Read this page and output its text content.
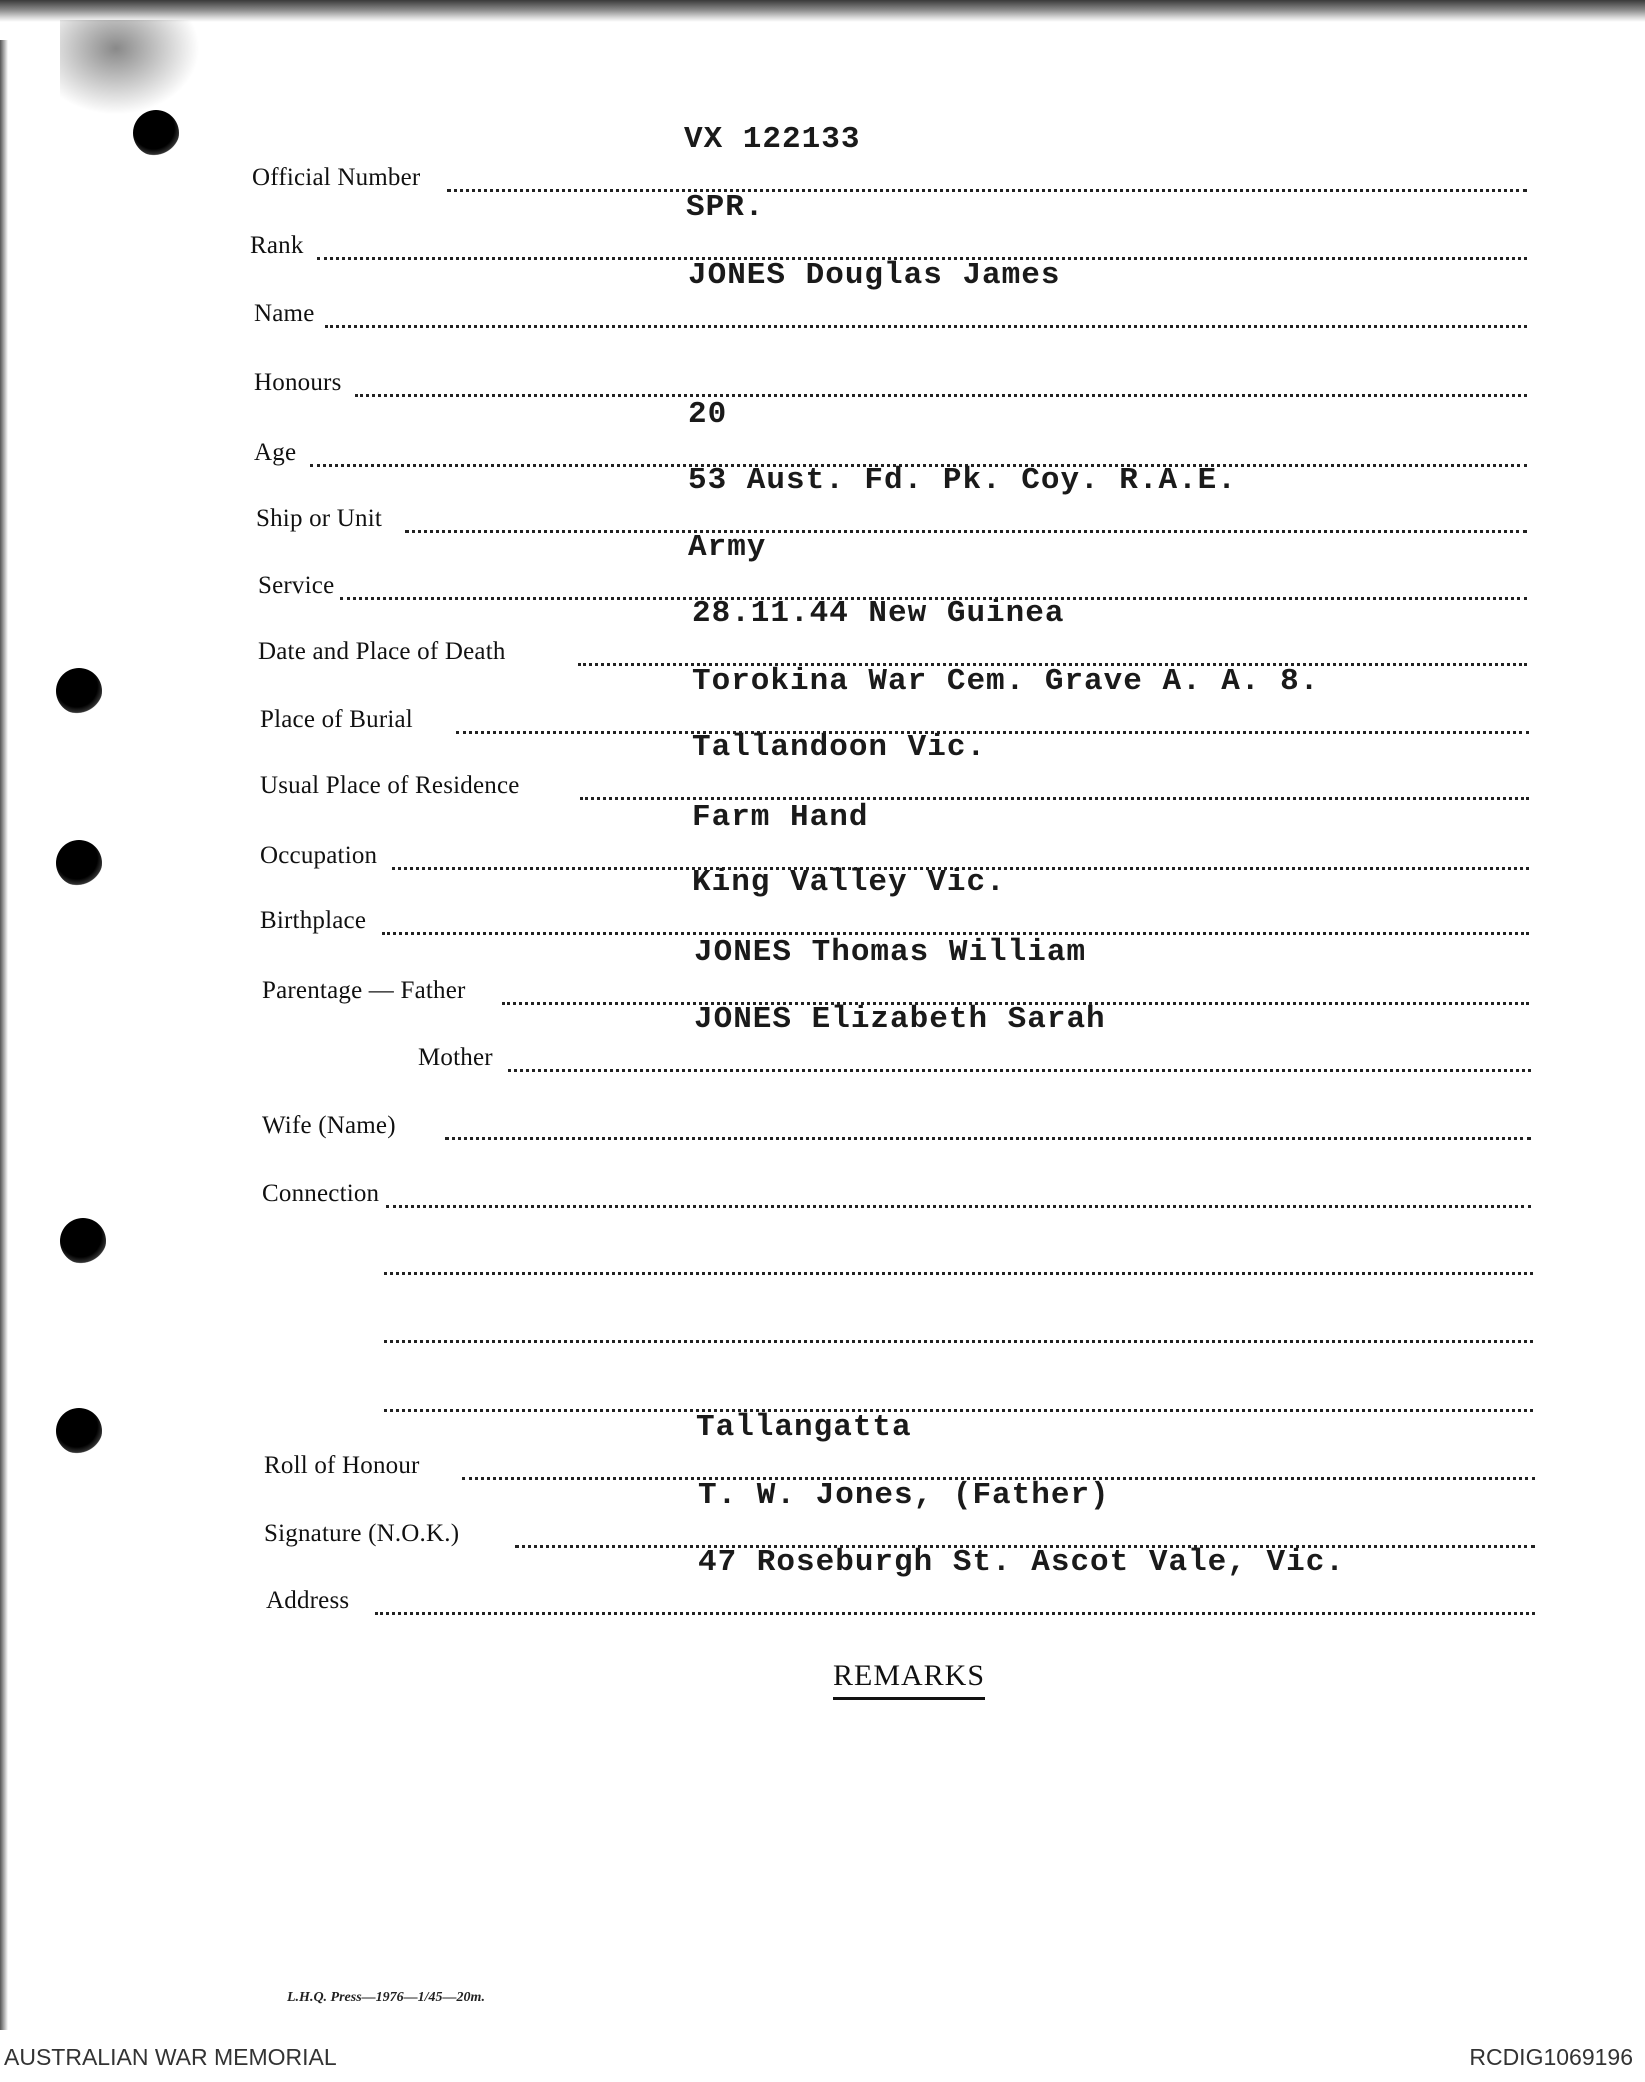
Official Number
VX 122133
Rank
SPR.
Name
JONES Douglas James
Honours
Age
20
Ship or Unit
53 Aust. Fd. Pk. Coy. R.A.E.
Service
Army
Date and Place of Death
28.11.44 New Guinea
Place of Burial
Torokina War Cem. Grave A. A. 8.
Usual Place of Residence
Tallandoon Vic.
Occupation
Farm Hand
Birthplace
King Valley Vic.
Parentage — Father
JONES Thomas William
Mother
JONES Elizabeth Sarah
Wife (Name)
Connection
Roll of Honour
Tallangatta
Signature (N.O.K.)
T. W. Jones, (Father)
Address
47 Roseburgh St. Ascot Vale, Vic.
REMARKS
L.H.Q. Press—1976—1/45—20m.
AUSTRALIAN WAR MEMORIAL	RCDIG1069196
